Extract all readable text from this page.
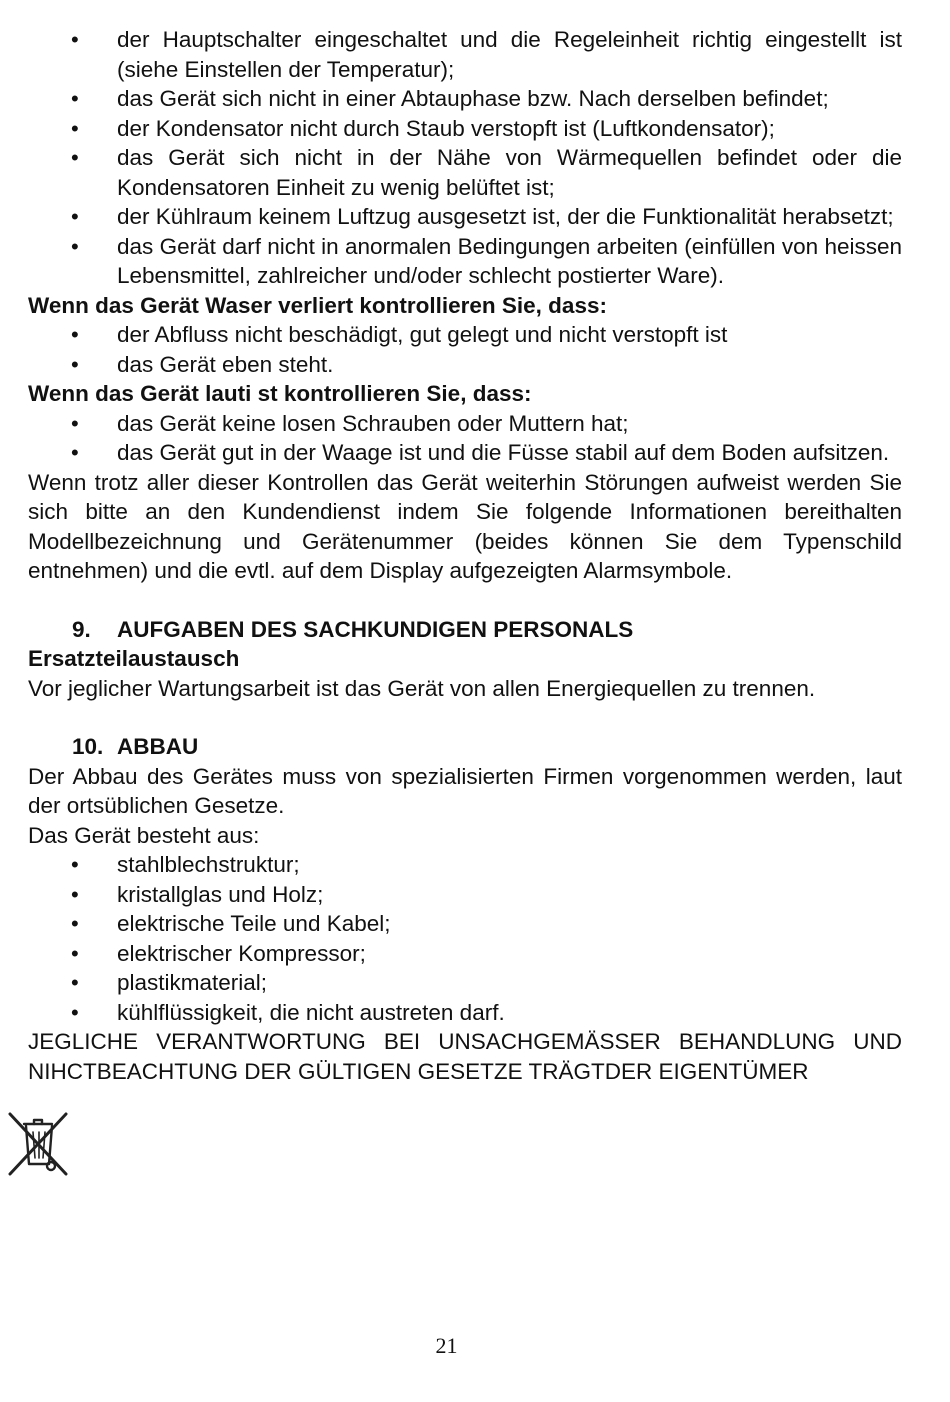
• der Hauptschalter eingeschaltet und die Regeleinheit richtig eingestellt ist (siehe Einstellen der Temperatur);
• das Gerät sich nicht in einer Abtauphase bzw. Nach derselben befindet;
• der Kondensator nicht durch Staub verstopft ist (Luftkondensator);
• das Gerät sich nicht in der Nähe von Wärmequellen befindet oder die Kondensatoren Einheit zu wenig belüftet ist;
• der Kühlraum keinem Luftzug ausgesetzt ist, der die Funktionalität herabsetzt;
• das Gerät darf nicht in anormalen Bedingungen arbeiten (einfüllen von heissen Lebensmittel, zahlreicher und/oder schlecht postierter Ware).
Wenn das Gerät Waser verliert kontrollieren Sie, dass:
• der Abfluss nicht beschädigt, gut gelegt und nicht verstopft ist
• das Gerät eben steht.
Wenn das Gerät lauti st kontrollieren Sie, dass:
• das Gerät keine losen Schrauben oder Muttern hat;
• das Gerät gut in der Waage ist und die Füsse stabil auf dem Boden aufsitzen.

Wenn trotz aller dieser Kontrollen das Gerät weiterhin Störungen aufweist werden Sie sich bitte an den Kundendienst indem Sie folgende Informationen bereithalten Modellbezeichnung und Gerätenummer (beides können Sie dem Typenschild entnehmen) und die evtl. auf dem Display aufgezeigten Alarmsymbole.

9. AUFGABEN DES SACHKUNDIGEN PERSONALS
Ersatzteilaustausch

Vor jeglicher Wartungsarbeit ist das Gerät von allen Energiequellen zu trennen.

10. ABBAU

Der Abbau des Gerätes muss von spezialisierten Firmen vorgenommen werden, laut der ortsüblichen Gesetze.

Das Gerät besteht aus:
• stahlblechstruktur;
• kristallglas und Holz;
• elektrische Teile und Kabel;
• elektrischer Kompressor;
• plastikmaterial;
• kühlflüssigkeit, die nicht austreten darf.

JEGLICHE VERANTWORTUNG BEI UNSACHGEMÄSSER BEHANDLUNG UND NIHCTBEACHTUNG DER GÜLTIGEN GESETZE TRÄGTDER EIGENTÜMER

21
